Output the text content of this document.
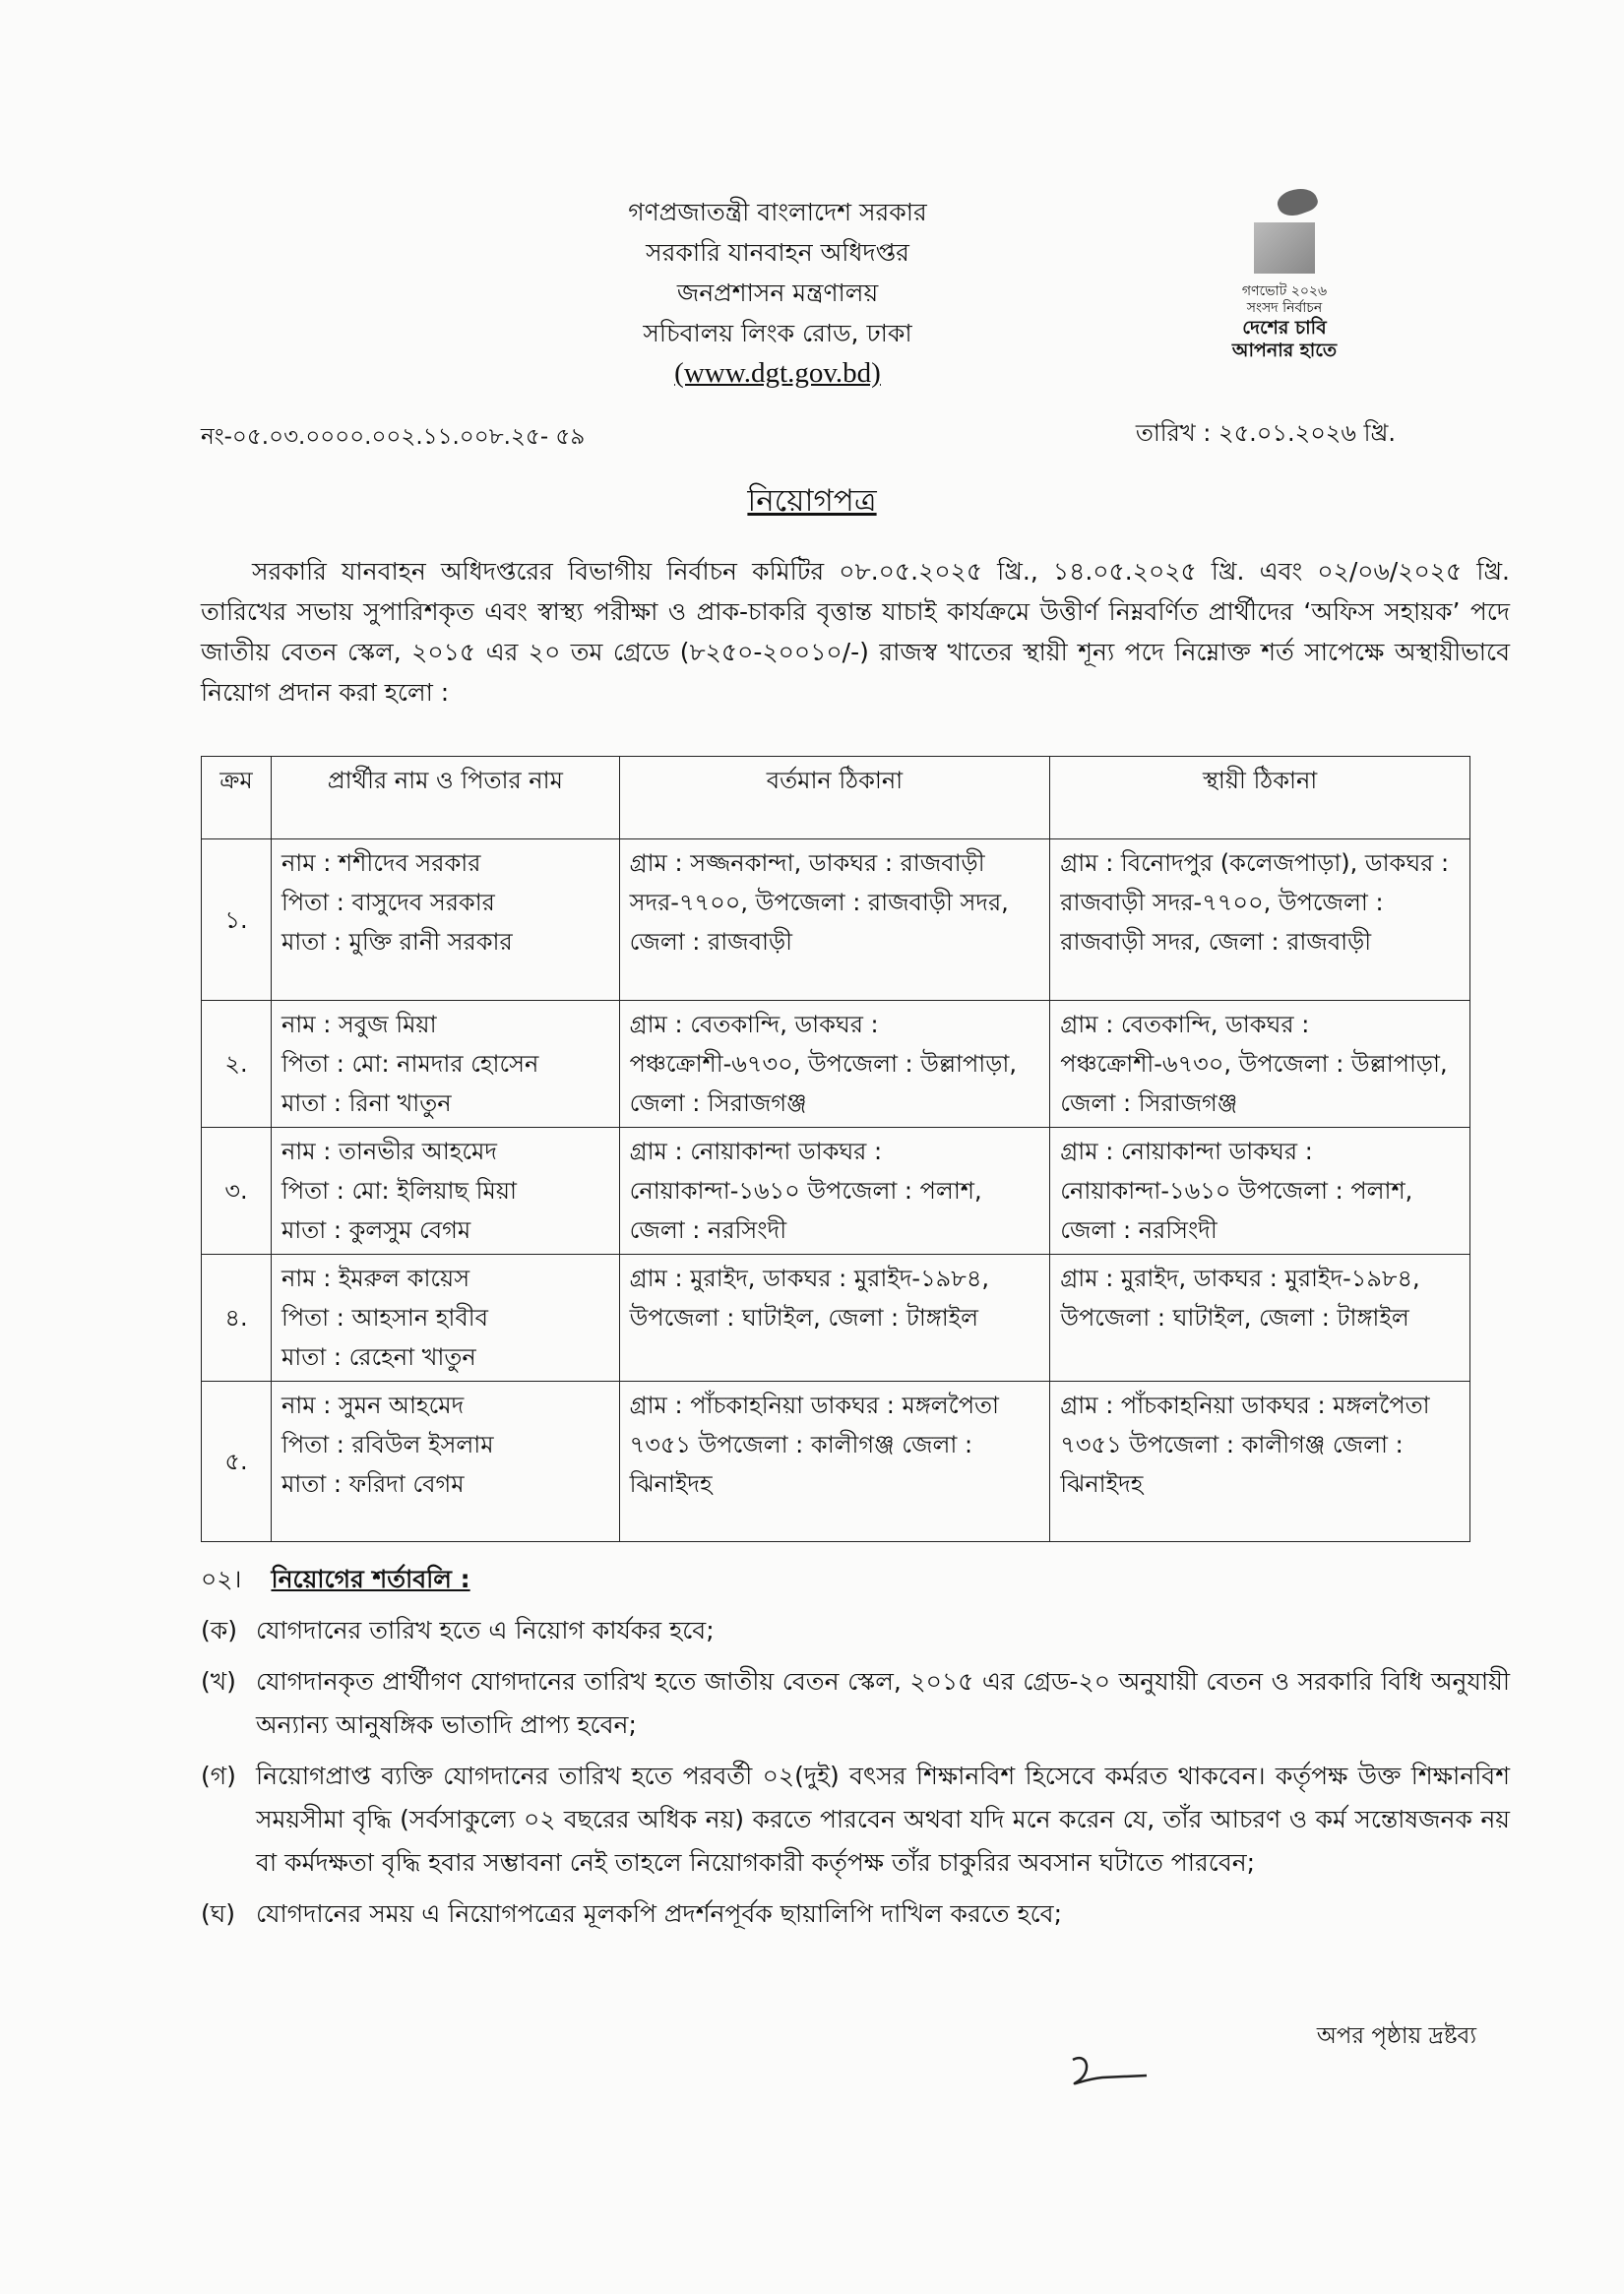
গণপ্রজাতন্ত্রী বাংলাদেশ সরকার
সরকারি যানবাহন অধিদপ্তর
জনপ্রশাসন মন্ত্রণালয়
সচিবালয় লিংক রোড, ঢাকা
(www.dgt.gov.bd)
গণভোট ২০২৬
সংসদ নির্বাচন
দেশের চাবি
আপনার হাতে
নং-০৫.০৩.০০০০.০০২.১১.০০৮.২৫- ৫৯	তারিখ : ২৫.০১.২০২৬ খ্রি.
নিয়োগপত্র
সরকারি যানবাহন অধিদপ্তরের বিভাগীয় নির্বাচন কমিটির ০৮.০৫.২০২৫ খ্রি., ১৪.০৫.২০২৫ খ্রি. এবং ০২/০৬/২০২৫ খ্রি. তারিখের সভায় সুপারিশকৃত এবং স্বাস্থ্য পরীক্ষা ও প্রাক-চাকরি বৃত্তান্ত যাচাই কার্যক্রমে উত্তীর্ণ নিম্নবর্ণিত প্রার্থীদের ‘অফিস সহায়ক’ পদে জাতীয় বেতন স্কেল, ২০১৫ এর ২০ তম গ্রেডে (৮২৫০-২০০১০/-) রাজস্ব খাতের স্থায়ী শূন্য পদে নিম্নোক্ত শর্ত সাপেক্ষে অস্থায়ীভাবে নিয়োগ প্রদান করা হলো :
ক্রম	প্রার্থীর নাম ও পিতার নাম	বর্তমান ঠিকানা	স্থায়ী ঠিকানা
১.	নাম : শশীদেব সরকার
পিতা : বাসুদেব সরকার
মাতা : মুক্তি রানী সরকার	গ্রাম : সজ্জনকান্দা, ডাকঘর : রাজবাড়ী সদর-৭৭০০, উপজেলা : রাজবাড়ী সদর, জেলা : রাজবাড়ী	গ্রাম : বিনোদপুর (কলেজপাড়া), ডাকঘর : রাজবাড়ী সদর-৭৭০০, উপজেলা : রাজবাড়ী সদর, জেলা : রাজবাড়ী
২.	নাম : সবুজ মিয়া
পিতা : মো: নামদার হোসেন
মাতা : রিনা খাতুন	গ্রাম : বেতকান্দি, ডাকঘর : পঞ্চক্রোশী-৬৭৩০, উপজেলা : উল্লাপাড়া, জেলা : সিরাজগঞ্জ	গ্রাম : বেতকান্দি, ডাকঘর : পঞ্চক্রোশী-৬৭৩০, উপজেলা : উল্লাপাড়া, জেলা : সিরাজগঞ্জ
৩.	নাম : তানভীর আহমেদ
পিতা : মো: ইলিয়াছ মিয়া
মাতা : কুলসুম বেগম	গ্রাম : নোয়াকান্দা ডাকঘর : নোয়াকান্দা-১৬১০ উপজেলা : পলাশ, জেলা : নরসিংদী	গ্রাম : নোয়াকান্দা ডাকঘর : নোয়াকান্দা-১৬১০ উপজেলা : পলাশ, জেলা : নরসিংদী
৪.	নাম : ইমরুল কায়েস
পিতা : আহসান হাবীব
মাতা : রেহেনা খাতুন	গ্রাম : মুরাইদ, ডাকঘর : মুরাইদ-১৯৮৪, উপজেলা : ঘাটাইল, জেলা : টাঙ্গাইল	গ্রাম : মুরাইদ, ডাকঘর : মুরাইদ-১৯৮৪, উপজেলা : ঘাটাইল, জেলা : টাঙ্গাইল
৫.	নাম : সুমন আহমেদ
পিতা : রবিউল ইসলাম
মাতা : ফরিদা বেগম	গ্রাম : পাঁচকাহনিয়া ডাকঘর : মঙ্গলপৈতা ৭৩৫১ উপজেলা : কালীগঞ্জ জেলা : ঝিনাইদহ	গ্রাম : পাঁচকাহনিয়া ডাকঘর : মঙ্গলপৈতা ৭৩৫১ উপজেলা : কালীগঞ্জ জেলা : ঝিনাইদহ
০২। নিয়োগের শর্তাবলি :
(ক) যোগদানের তারিখ হতে এ নিয়োগ কার্যকর হবে;
(খ) যোগদানকৃত প্রার্থীগণ যোগদানের তারিখ হতে জাতীয় বেতন স্কেল, ২০১৫ এর গ্রেড-২০ অনুযায়ী বেতন ও সরকারি বিধি অনুযায়ী অন্যান্য আনুষঙ্গিক ভাতাদি প্রাপ্য হবেন;
(গ) নিয়োগপ্রাপ্ত ব্যক্তি যোগদানের তারিখ হতে পরবর্তী ০২(দুই) বৎসর শিক্ষানবিশ হিসেবে কর্মরত থাকবেন। কর্তৃপক্ষ উক্ত শিক্ষানবিশ সময়সীমা বৃদ্ধি (সর্বসাকুল্যে ০২ বছরের অধিক নয়) করতে পারবেন অথবা যদি মনে করেন যে, তাঁর আচরণ ও কর্ম সন্তোষজনক নয় বা কর্মদক্ষতা বৃদ্ধি হবার সম্ভাবনা নেই তাহলে নিয়োগকারী কর্তৃপক্ষ তাঁর চাকুরির অবসান ঘটাতে পারবেন;
(ঘ) যোগদানের সময় এ নিয়োগপত্রের মূলকপি প্রদর্শনপূর্বক ছায়ালিপি দাখিল করতে হবে;
অপর পৃষ্ঠায় দ্রষ্টব্য
